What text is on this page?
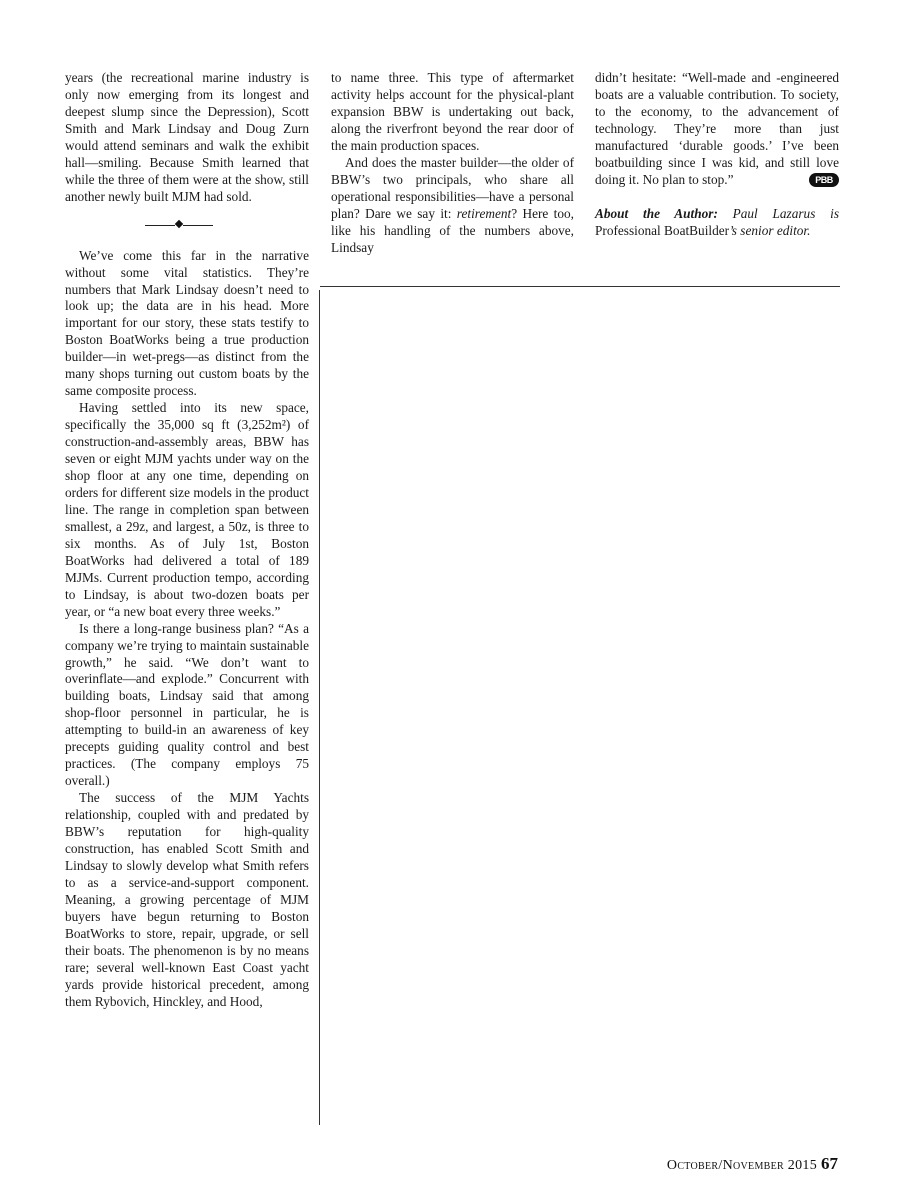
years (the recreational marine industry is only now emerging from its longest and deepest slump since the Depression), Scott Smith and Mark Lindsay and Doug Zurn would attend seminars and walk the exhibit hall—smiling. Because Smith learned that while the three of them were at the show, still another newly built MJM had sold.

We’ve come this far in the narrative without some vital statistics. They’re numbers that Mark Lindsay doesn’t need to look up; the data are in his head. More important for our story, these stats testify to Boston BoatWorks being a true production builder—in wet-pregs—as distinct from the many shops turning out custom boats by the same composite process.

Having settled into its new space, specifically the 35,000 sq ft (3,252m²) of construction-and-assembly areas, BBW has seven or eight MJM yachts under way on the shop floor at any one time, depending on orders for different size models in the product line. The range in completion span between smallest, a 29z, and largest, a 50z, is three to six months. As of July 1st, Boston BoatWorks had delivered a total of 189 MJMs. Current production tempo, according to Lindsay, is about two-dozen boats per year, or “a new boat every three weeks.”

Is there a long-range business plan? “As a company we’re trying to maintain sustainable growth,” he said. “We don’t want to overinflate—and explode.” Concurrent with building boats, Lindsay said that among shop-floor personnel in particular, he is attempting to build-in an awareness of key precepts guiding quality control and best practices. (The company employs 75 overall.)

The success of the MJM Yachts relationship, coupled with and predated by BBW’s reputation for high-quality construction, has enabled Scott Smith and Lindsay to slowly develop what Smith refers to as a service-and-support component. Meaning, a growing percentage of MJM buyers have begun returning to Boston BoatWorks to store, repair, upgrade, or sell their boats. The phenomenon is by no means rare; several well-known East Coast yacht yards provide historical precedent, among them Rybovich, Hinckley, and Hood,

to name three. This type of aftermarket activity helps account for the physical-plant expansion BBW is undertaking out back, along the riverfront beyond the rear door of the main production spaces.

And does the master builder—the older of BBW’s two principals, who share all operational responsibilities—have a personal plan? Dare we say it: retirement? Here too, like his handling of the numbers above, Lindsay

didn’t hesitate: “Well-made and -engineered boats are a valuable contribution. To society, to the economy, to the advancement of technology. They’re more than just manufactured ‘durable goods.’ I’ve been boatbuilding since I was kid, and still love doing it. No plan to stop.”	PBB

About the Author: Paul Lazarus is Professional BoatBuilder’s senior editor.

October/November 2015 67
